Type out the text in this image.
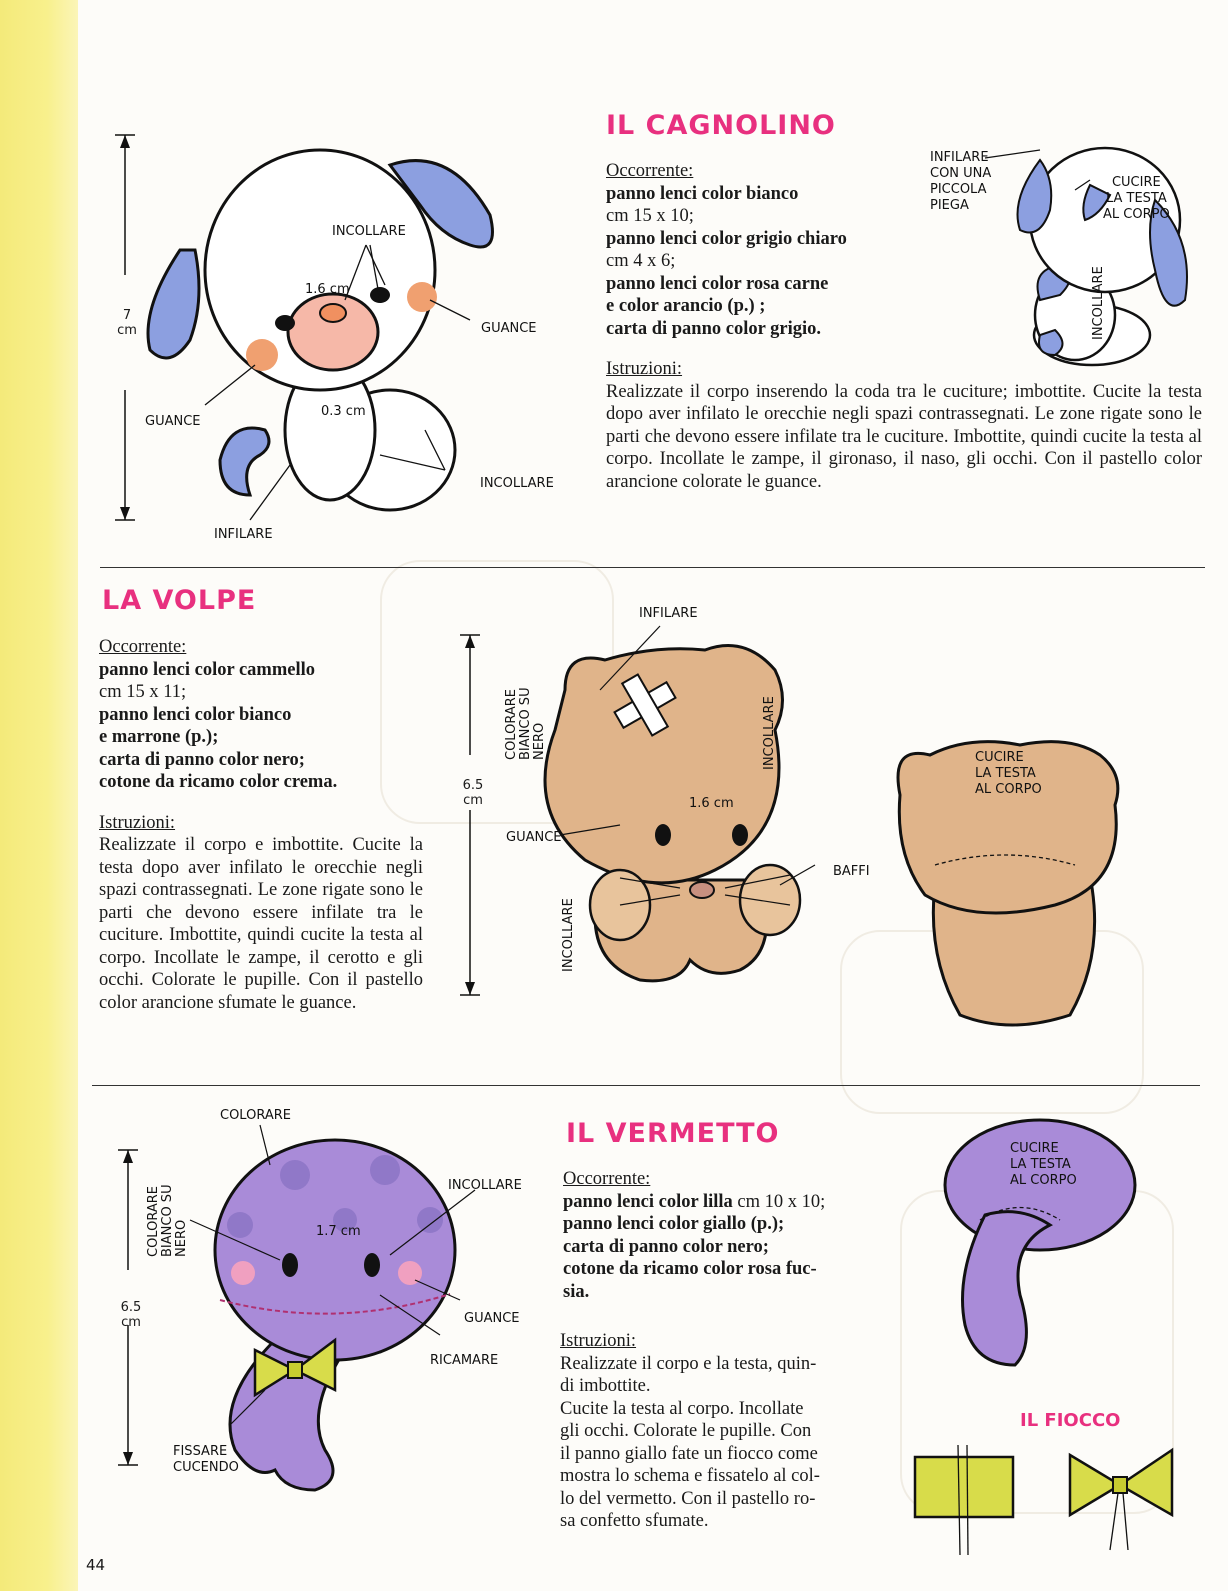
IL CAGNOLINO
Occorrente:

panno lenci color bianco

cm 15 x 10;

panno lenci color grigio chiaro

cm 4 x 6;

panno lenci color rosa carne

e color arancio (p.) ;

carta di panno color grigio.

Istruzioni:

Realizzate il corpo inserendo la coda tra le cuciture; imbottite. Cucite la testa dopo aver infilato le orecchie negli spazi contrassegnati. Le zone rigate sono le parti che devono essere infilate tra le cuciture. Imbottite, quindi cucite la testa al corpo. Incollate le zampe, il gironaso, il naso, gli occhi. Con il pastello color arancione colorate le guance.

INCOLLARE
1.6 cm
GUANCE
GUANCE
0.3 cm
INCOLLARE
INFILARE
7
cm
INFILARE
CON UNA
PICCOLA
PIEGA
CUCIRE
LA TESTA
AL CORPO
INCOLLARE
LA VOLPE
Occorrente:

panno lenci color cammello

cm 15 x 11;

panno lenci color bianco

e marrone (p.);

carta di panno color nero;

cotone da ricamo color crema.

Istruzioni:

Realizzate il corpo e imbottite. Cucite la testa dopo aver infilato le orecchie negli spazi contrassegnati. Le zone rigate sono le parti che devono essere infilate tra le cuciture. Imbottite, quindi cucite la testa al corpo. Incollate le zampe, il cerotto e gli occhi. Colorate le pupille. Con il pastello color arancione sfumate le guance.

INFILARE
COLORARE BIANCO SU NERO	INCOLLARE
1.6 cm
GUANCE
BAFFI
INCOLLARE
6.5
cm
CUCIRE
LA TESTA
AL CORPO
IL VERMETTO
Occorrente:

panno lenci color lilla cm 10 x 10;

panno lenci color giallo (p.);

carta di panno color nero;

cotone da ricamo color rosa fuc-

sia.

Istruzioni:

Realizzate il corpo e la testa, quin-

di imbottite.

Cucite la testa al corpo. Incollate

gli occhi. Colorate le pupille. Con

il panno giallo fate un fiocco come

mostra lo schema e fissatelo al col-

lo del vermetto. Con il pastello ro-

sa confetto sfumate.

COLORARE
INCOLLARE
COLORARE BIANCO SU NERO	1.7 cm
GUANCE
RICAMARE
FISSARE
CUCENDO
6.5
cm
CUCIRE
LA TESTA
AL CORPO
IL FIOCCO
44
